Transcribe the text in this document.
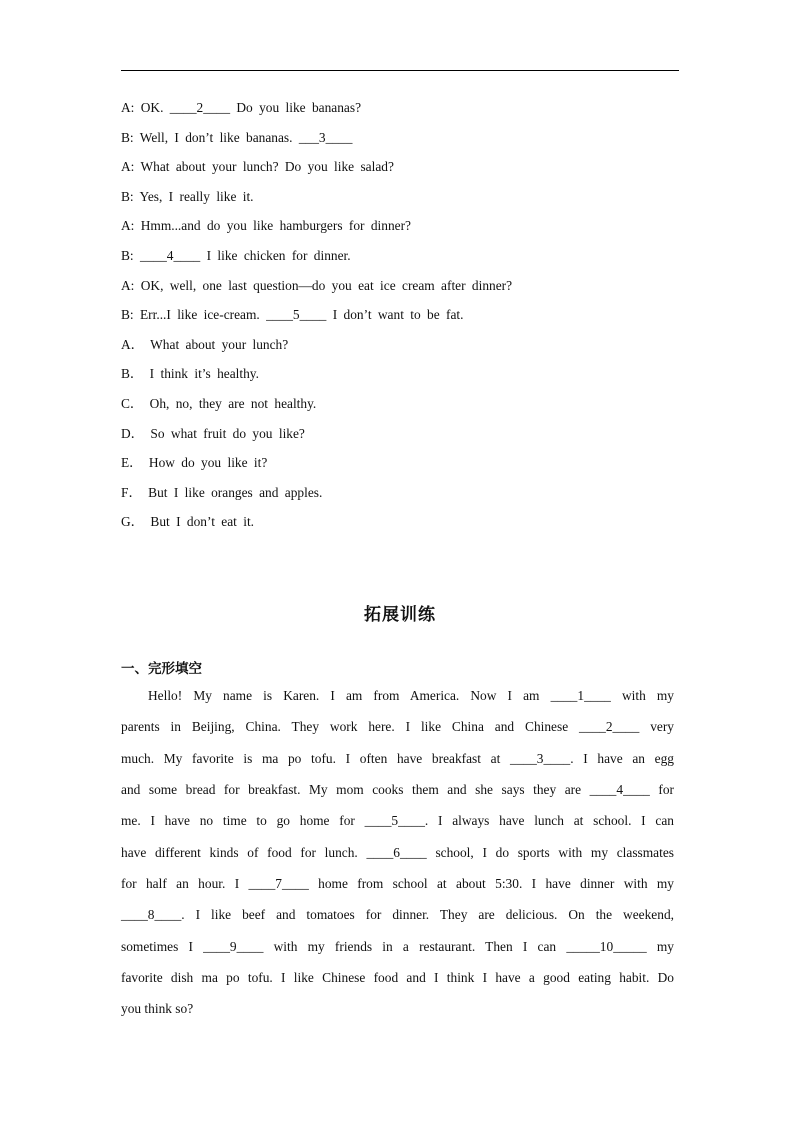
A: OK. ____2____ Do you like bananas?
B: Well, I don’t like bananas. ___3____
A: What about your lunch? Do you like salad?
B: Yes, I really like it.
A: Hmm...and do you like hamburgers for dinner?
B: ____4____ I like chicken for dinner.
A: OK, well, one last question—do you eat ice cream after dinner?
B: Err...I like ice-cream. ____5____ I don’t want to be fat.
A． What about your lunch?
B． I think it’s healthy.
C． Oh, no, they are not healthy.
D． So what fruit do you like?
E． How do you like it?
F． But I like oranges and apples.
G． But I don’t eat it.
拓展训练
一、完形填空
Hello! My name is Karen. I am from America. Now I am ____1____ with my
parents in Beijing, China. They work here. I like China and Chinese ____2____ very
much. My favorite is ma po tofu. I often have breakfast at ____3____. I have an egg
and some bread for breakfast. My mom cooks them and she says they are ____4____ for
me. I have no time to go home for ____5____. I always have lunch at school. I can
have different kinds of food for lunch. ____6____ school, I do sports with my classmates
for half an hour. I ____7____ home from school at about 5:30. I have dinner with my
____8____. I like beef and tomatoes for dinner. They are delicious. On the weekend,
sometimes I ____9____ with my friends in a restaurant. Then I can _____10_____ my
favorite dish ma po tofu. I like Chinese food and I think I have a good eating habit. Do
you think so?
